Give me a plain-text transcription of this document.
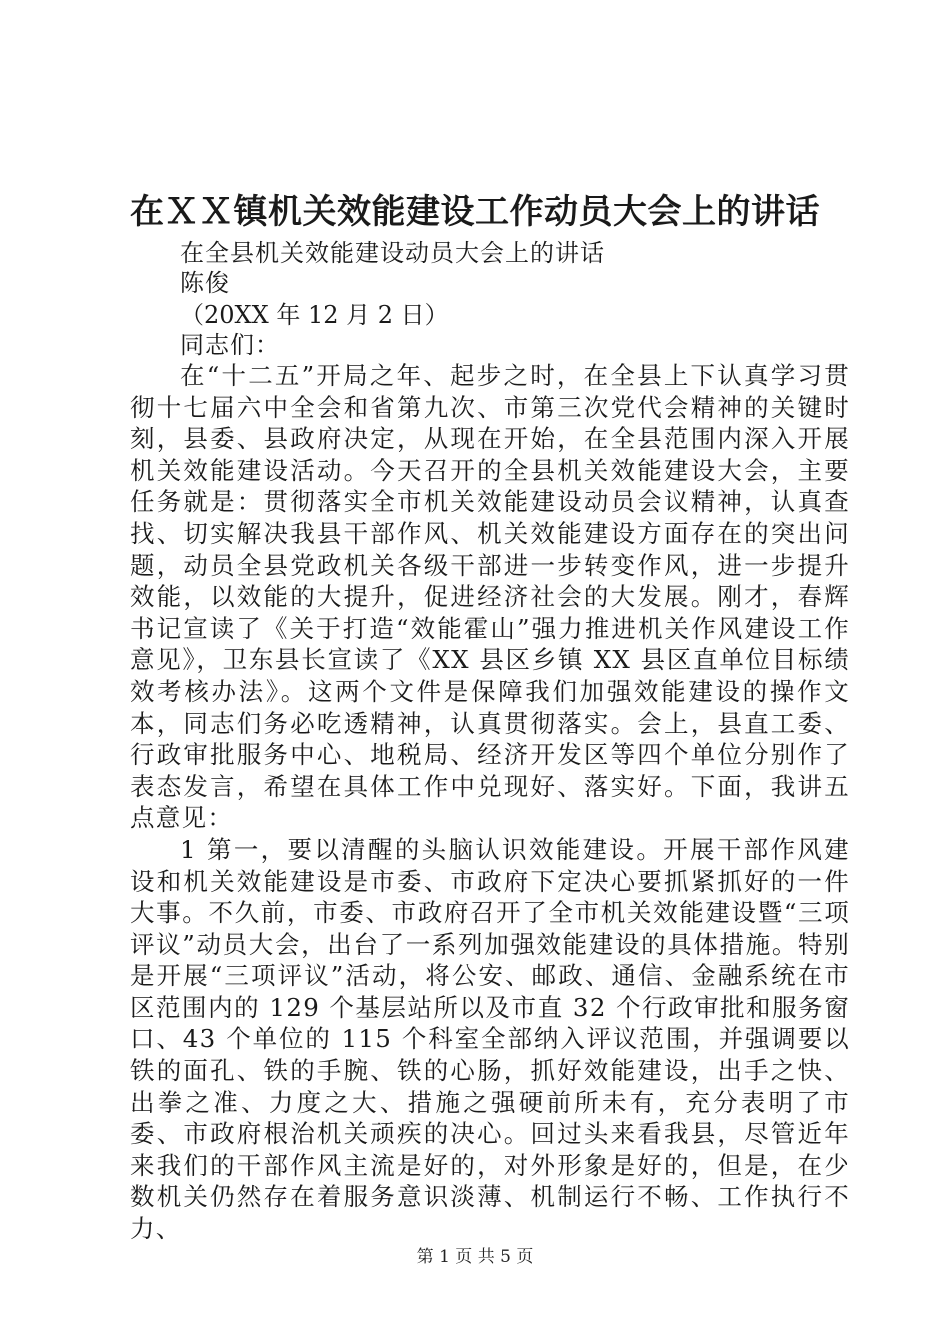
在ＸＸ镇机关效能建设工作动员大会上的讲话

在全县机关效能建设动员大会上的讲话

陈俊

（20XX 年 12 月 2 日）

同志们：

在“十二五”开局之年、起步之时，在全县上下认真学习贯彻十七届六中全会和省第九次、市第三次党代会精神的关键时刻，县委、县政府决定，从现在开始，在全县范围内深入开展机关效能建设活动。今天召开的全县机关效能建设大会，主要任务就是：贯彻落实全市机关效能建设动员会议精神，认真查找、切实解决我县干部作风、机关效能建设方面存在的突出问题，动员全县党政机关各级干部进一步转变作风，进一步提升效能，以效能的大提升，促进经济社会的大发展。刚才，春辉书记宣读了《关于打造“效能霍山”强力推进机关作风建设工作意见》，卫东县长宣读了《XX 县区乡镇 XX 县区直单位目标绩效考核办法》。这两个文件是保障我们加强效能建设的操作文本，同志们务必吃透精神，认真贯彻落实。会上，县直工委、行政审批服务中心、地税局、经济开发区等四个单位分别作了表态发言，希望在具体工作中兑现好、落实好。下面，我讲五点意见：

1 第一，要以清醒的头脑认识效能建设。开展干部作风建设和机关效能建设是市委、市政府下定决心要抓紧抓好的一件大事。不久前，市委、市政府召开了全市机关效能建设暨“三项评议”动员大会，出台了一系列加强效能建设的具体措施。特别是开展“三项评议”活动，将公安、邮政、通信、金融系统在市区范围内的 129 个基层站所以及市直 32 个行政审批和服务窗口、43 个单位的 115 个科室全部纳入评议范围，并强调要以铁的面孔、铁的手腕、铁的心肠，抓好效能建设，出手之快、出拳之准、力度之大、措施之强硬前所未有，充分表明了市委、市政府根治机关顽疾的决心。回过头来看我县，尽管近年来我们的干部作风主流是好的，对外形象是好的，但是，在少数机关仍然存在着服务意识淡薄、机制运行不畅、工作执行不力、

第 1 页 共 5 页
